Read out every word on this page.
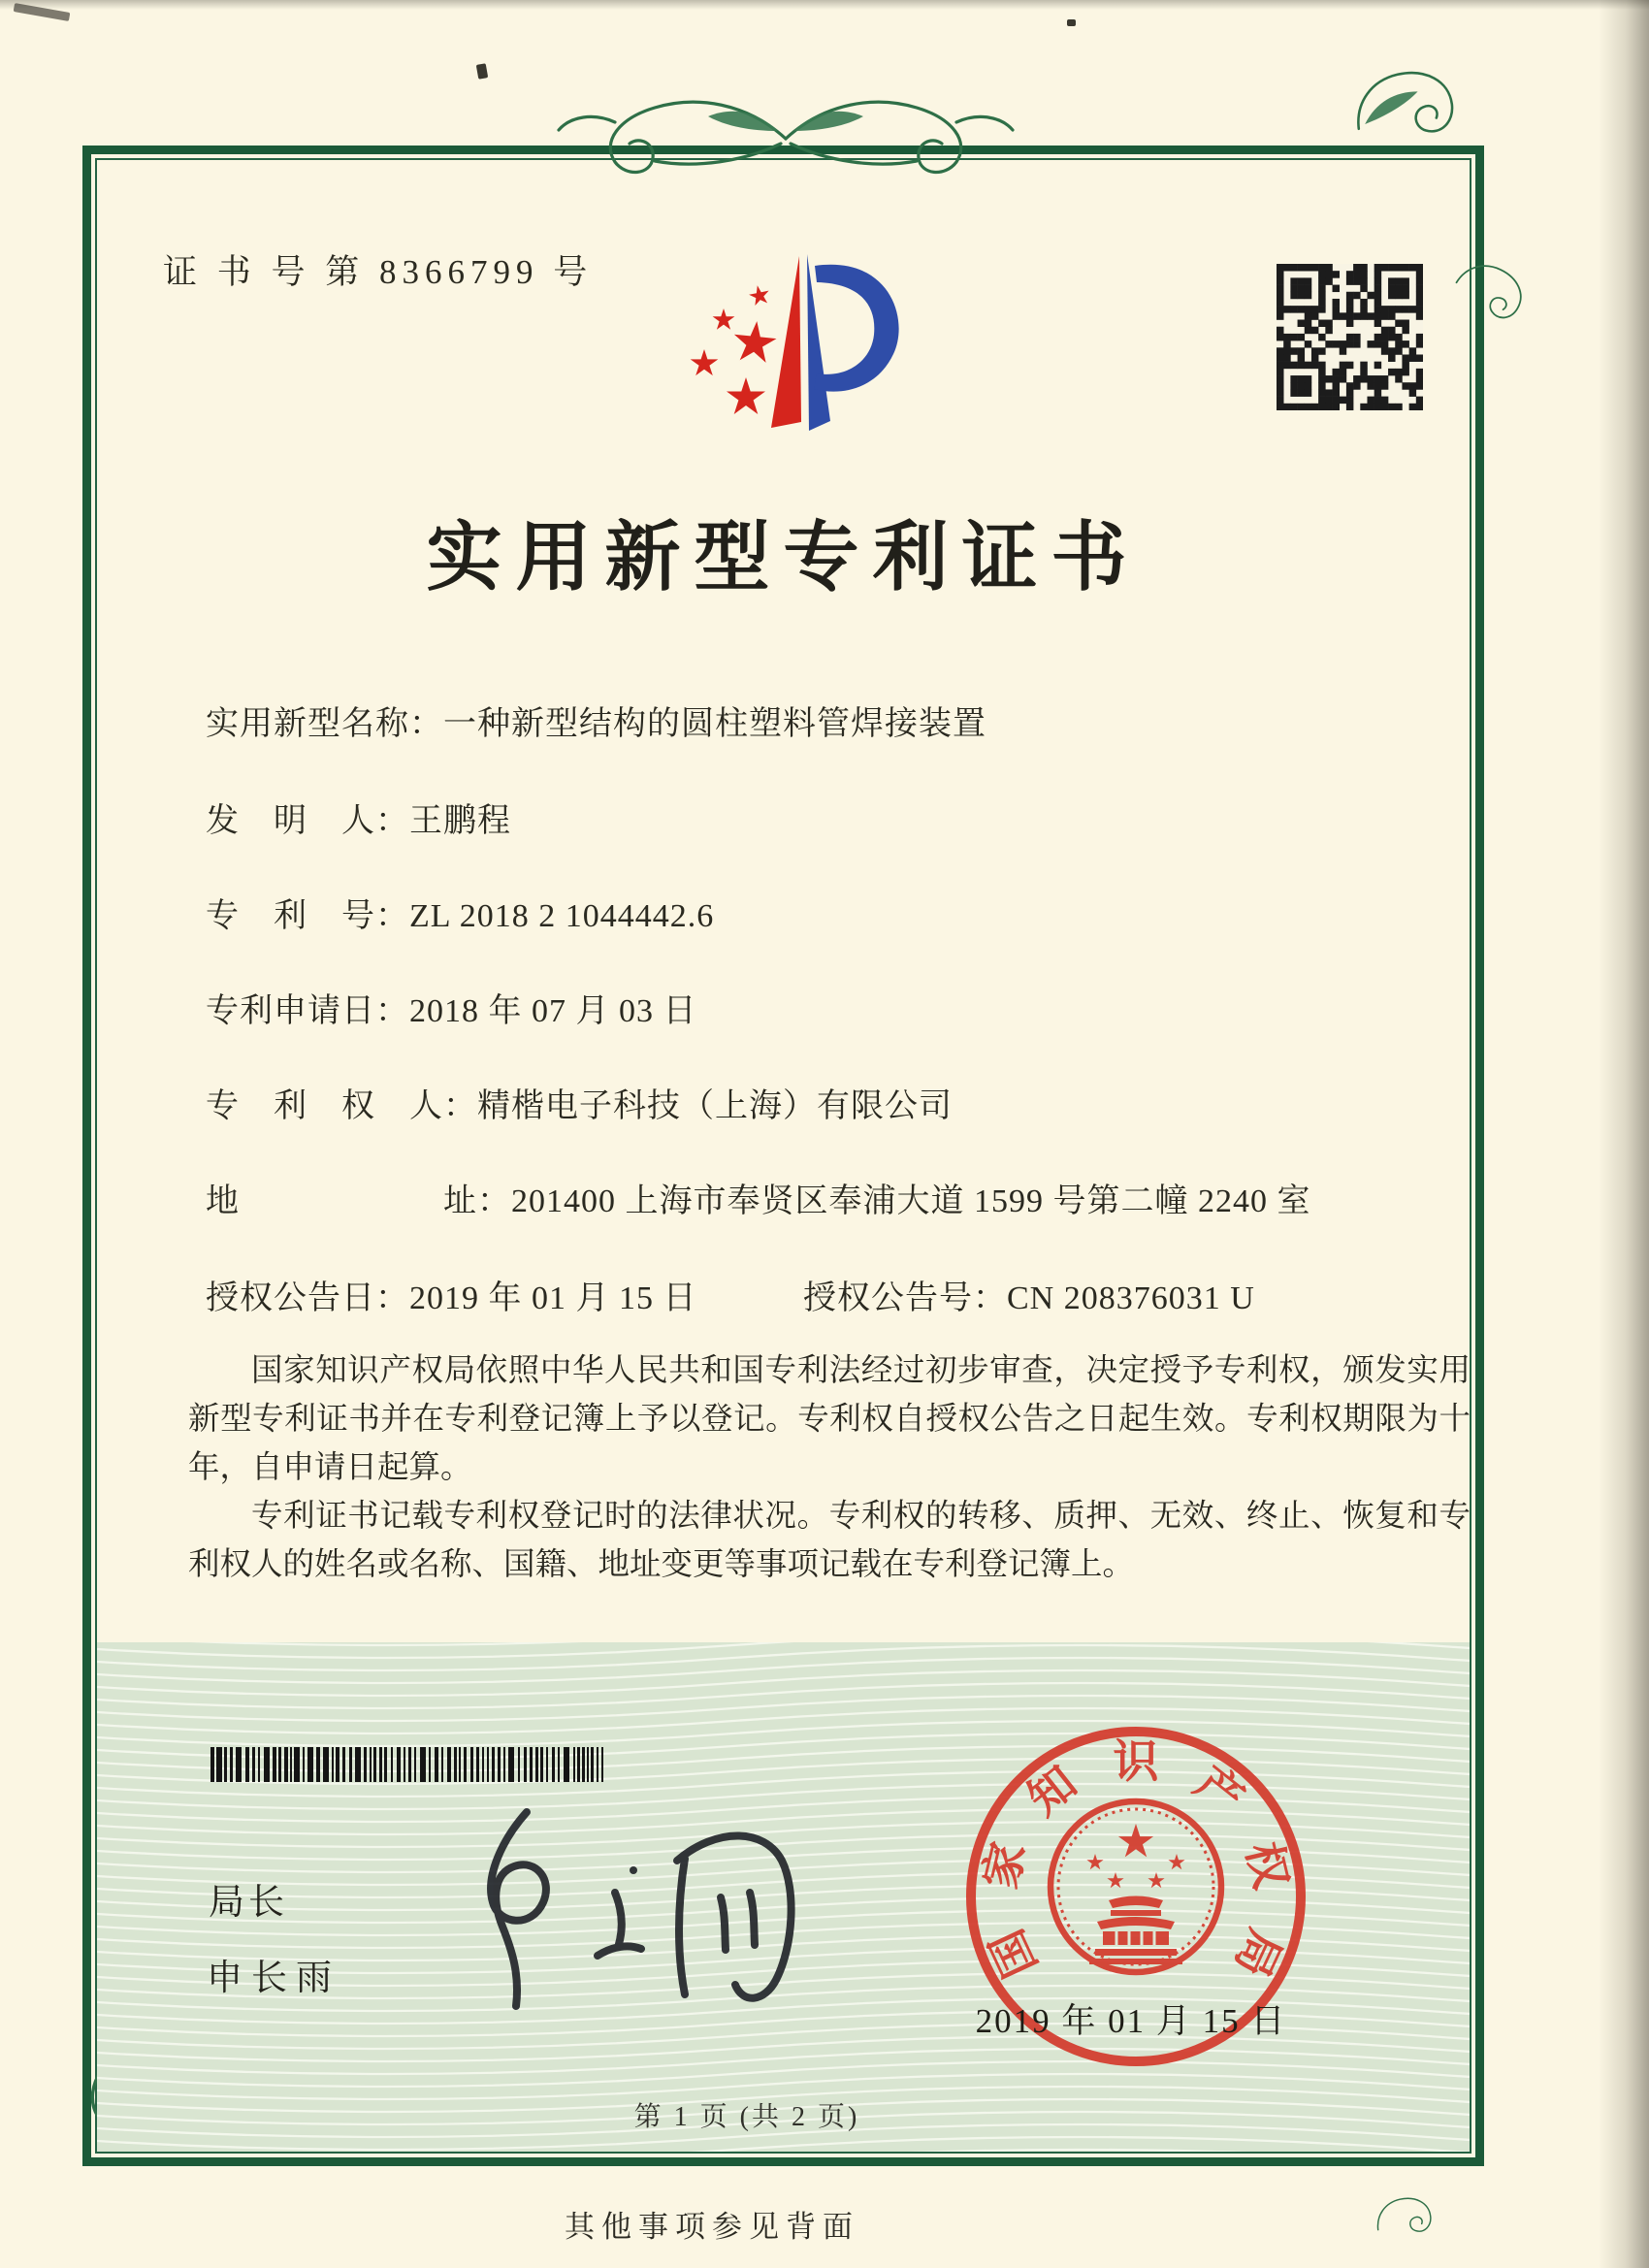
证 书 号 第 8366799 号
实用新型专利证书
实用新型名称：一种新型结构的圆柱塑料管焊接装置
发　明　人：王鹏程
专　利　号：ZL 2018 2 1044442.6
专利申请日：2018 年 07 月 03 日
专　利　权　人：精楷电子科技（上海）有限公司
地　　　　　　址：201400 上海市奉贤区奉浦大道 1599 号第二幢 2240 室
授权公告日：2019 年 01 月 15 日	授权公告号：CN 208376031 U

国家知识产权局依照中华人民共和国专利法经过初步审查，决定授予专利权，颁发实用新型专利证书并在专利登记簿上予以登记。专利权自授权公告之日起生效。专利权期限为十年，自申请日起算。

专利证书记载专利权登记时的法律状况。专利权的转移、质押、无效、终止、恢复和专利权人的姓名或名称、国籍、地址变更等事项记载在专利登记簿上。

局长
申长雨	国
家
知 识 产
权
局
2019 年 01 月 15 日
第 1 页 (共 2 页)
其他事项参见背面
